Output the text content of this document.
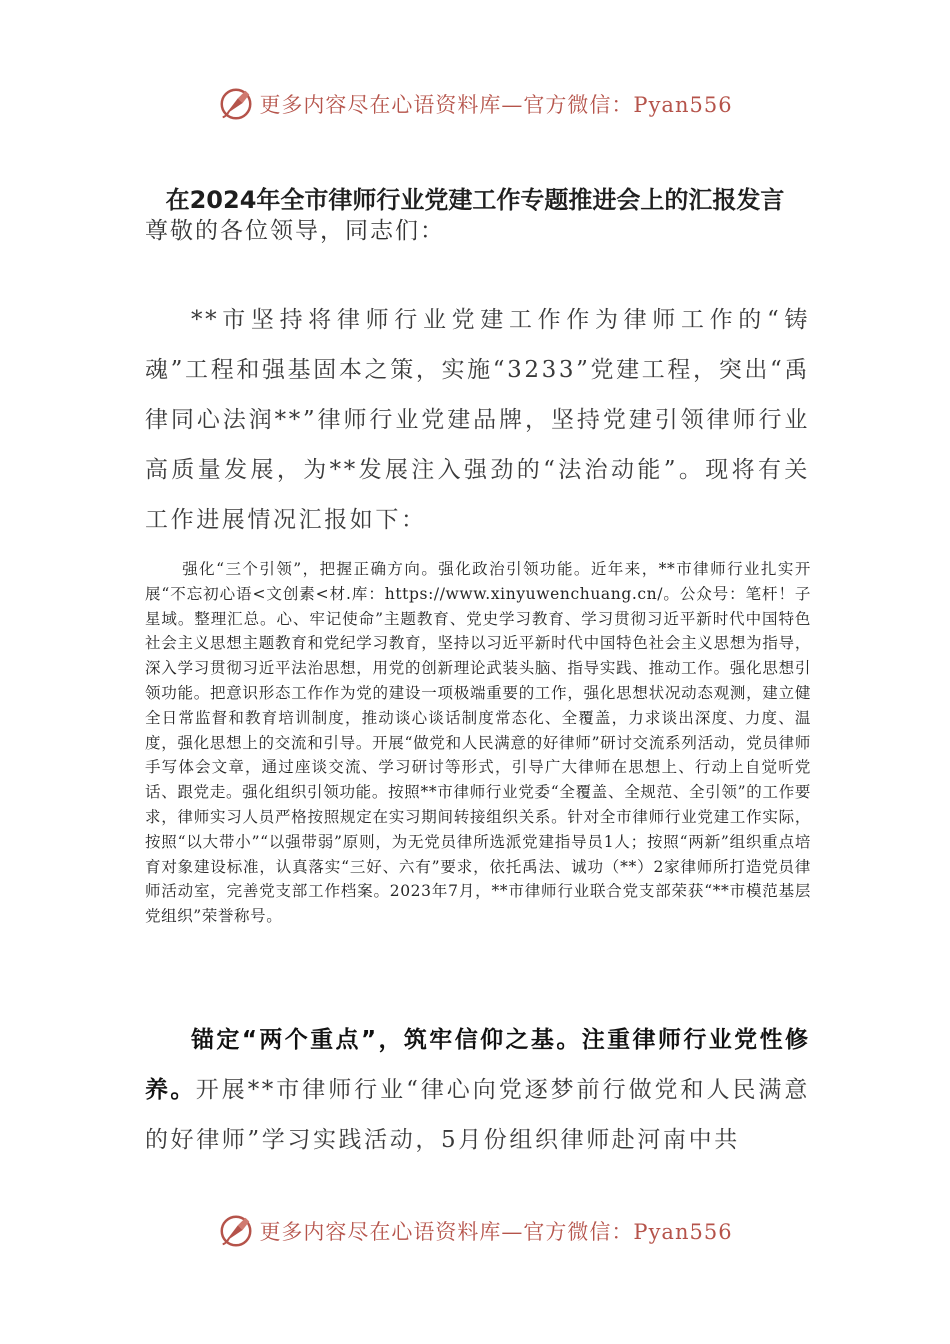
更多内容尽在心语资料库—官方微信：Pyan556
在2024年全市律师行业党建工作专题推进会上的汇报发言
尊敬的各位领导，同志们：

**市坚持将律师行业党建工作作为律师工作的“铸魂”工程和强基固本之策，实施“3233”党建工程，突出“禹律同心法润**”律师行业党建品牌，坚持党建引领律师行业高质量发展，为**发展注入强劲的“法治动能”。现将有关工作进展情况汇报如下：

强化“三个引领”，把握正确方向。强化政治引领功能。近年来，**市律师行业扎实开展“不忘初心语<文创素<材.库：https://www.xinyuwenchuang.cn/。公众号：笔杆！子星域。整理汇总。心、牢记使命”主题教育、党史学习教育、学习贯彻习近平新时代中国特色社会主义思想主题教育和党纪学习教育，坚持以习近平新时代中国特色社会主义思想为指导，深入学习贯彻习近平法治思想，用党的创新理论武装头脑、指导实践、推动工作。强化思想引领功能。把意识形态工作作为党的建设一项极端重要的工作，强化思想状况动态观测，建立健全日常监督和教育培训制度，推动谈心谈话制度常态化、全覆盖，力求谈出深度、力度、温度，强化思想上的交流和引导。开展“做党和人民满意的好律师”研讨交流系列活动，党员律师手写体会文章，通过座谈交流、学习研讨等形式，引导广大律师在思想上、行动上自觉听党话、跟党走。强化组织引领功能。按照**市律师行业党委“全覆盖、全规范、全引领”的工作要求，律师实习人员严格按照规定在实习期间转接组织关系。针对全市律师行业党建工作实际，按照“以大带小”“以强带弱”原则，为无党员律所选派党建指导员1人；按照“两新”组织重点培育对象建设标准，认真落实“三好、六有”要求，依托禹法、诚功（**）2家律师所打造党员律师活动室，完善党支部工作档案。2023年7月，**市律师行业联合党支部荣获“**市模范基层党组织”荣誉称号。

锚定“两个重点”，筑牢信仰之基。注重律师行业党性修养。开展**市律师行业“律心向党逐梦前行做党和人民满意的好律师”学习实践活动，5月份组织律师赴河南中共

更多内容尽在心语资料库—官方微信：Pyan556
